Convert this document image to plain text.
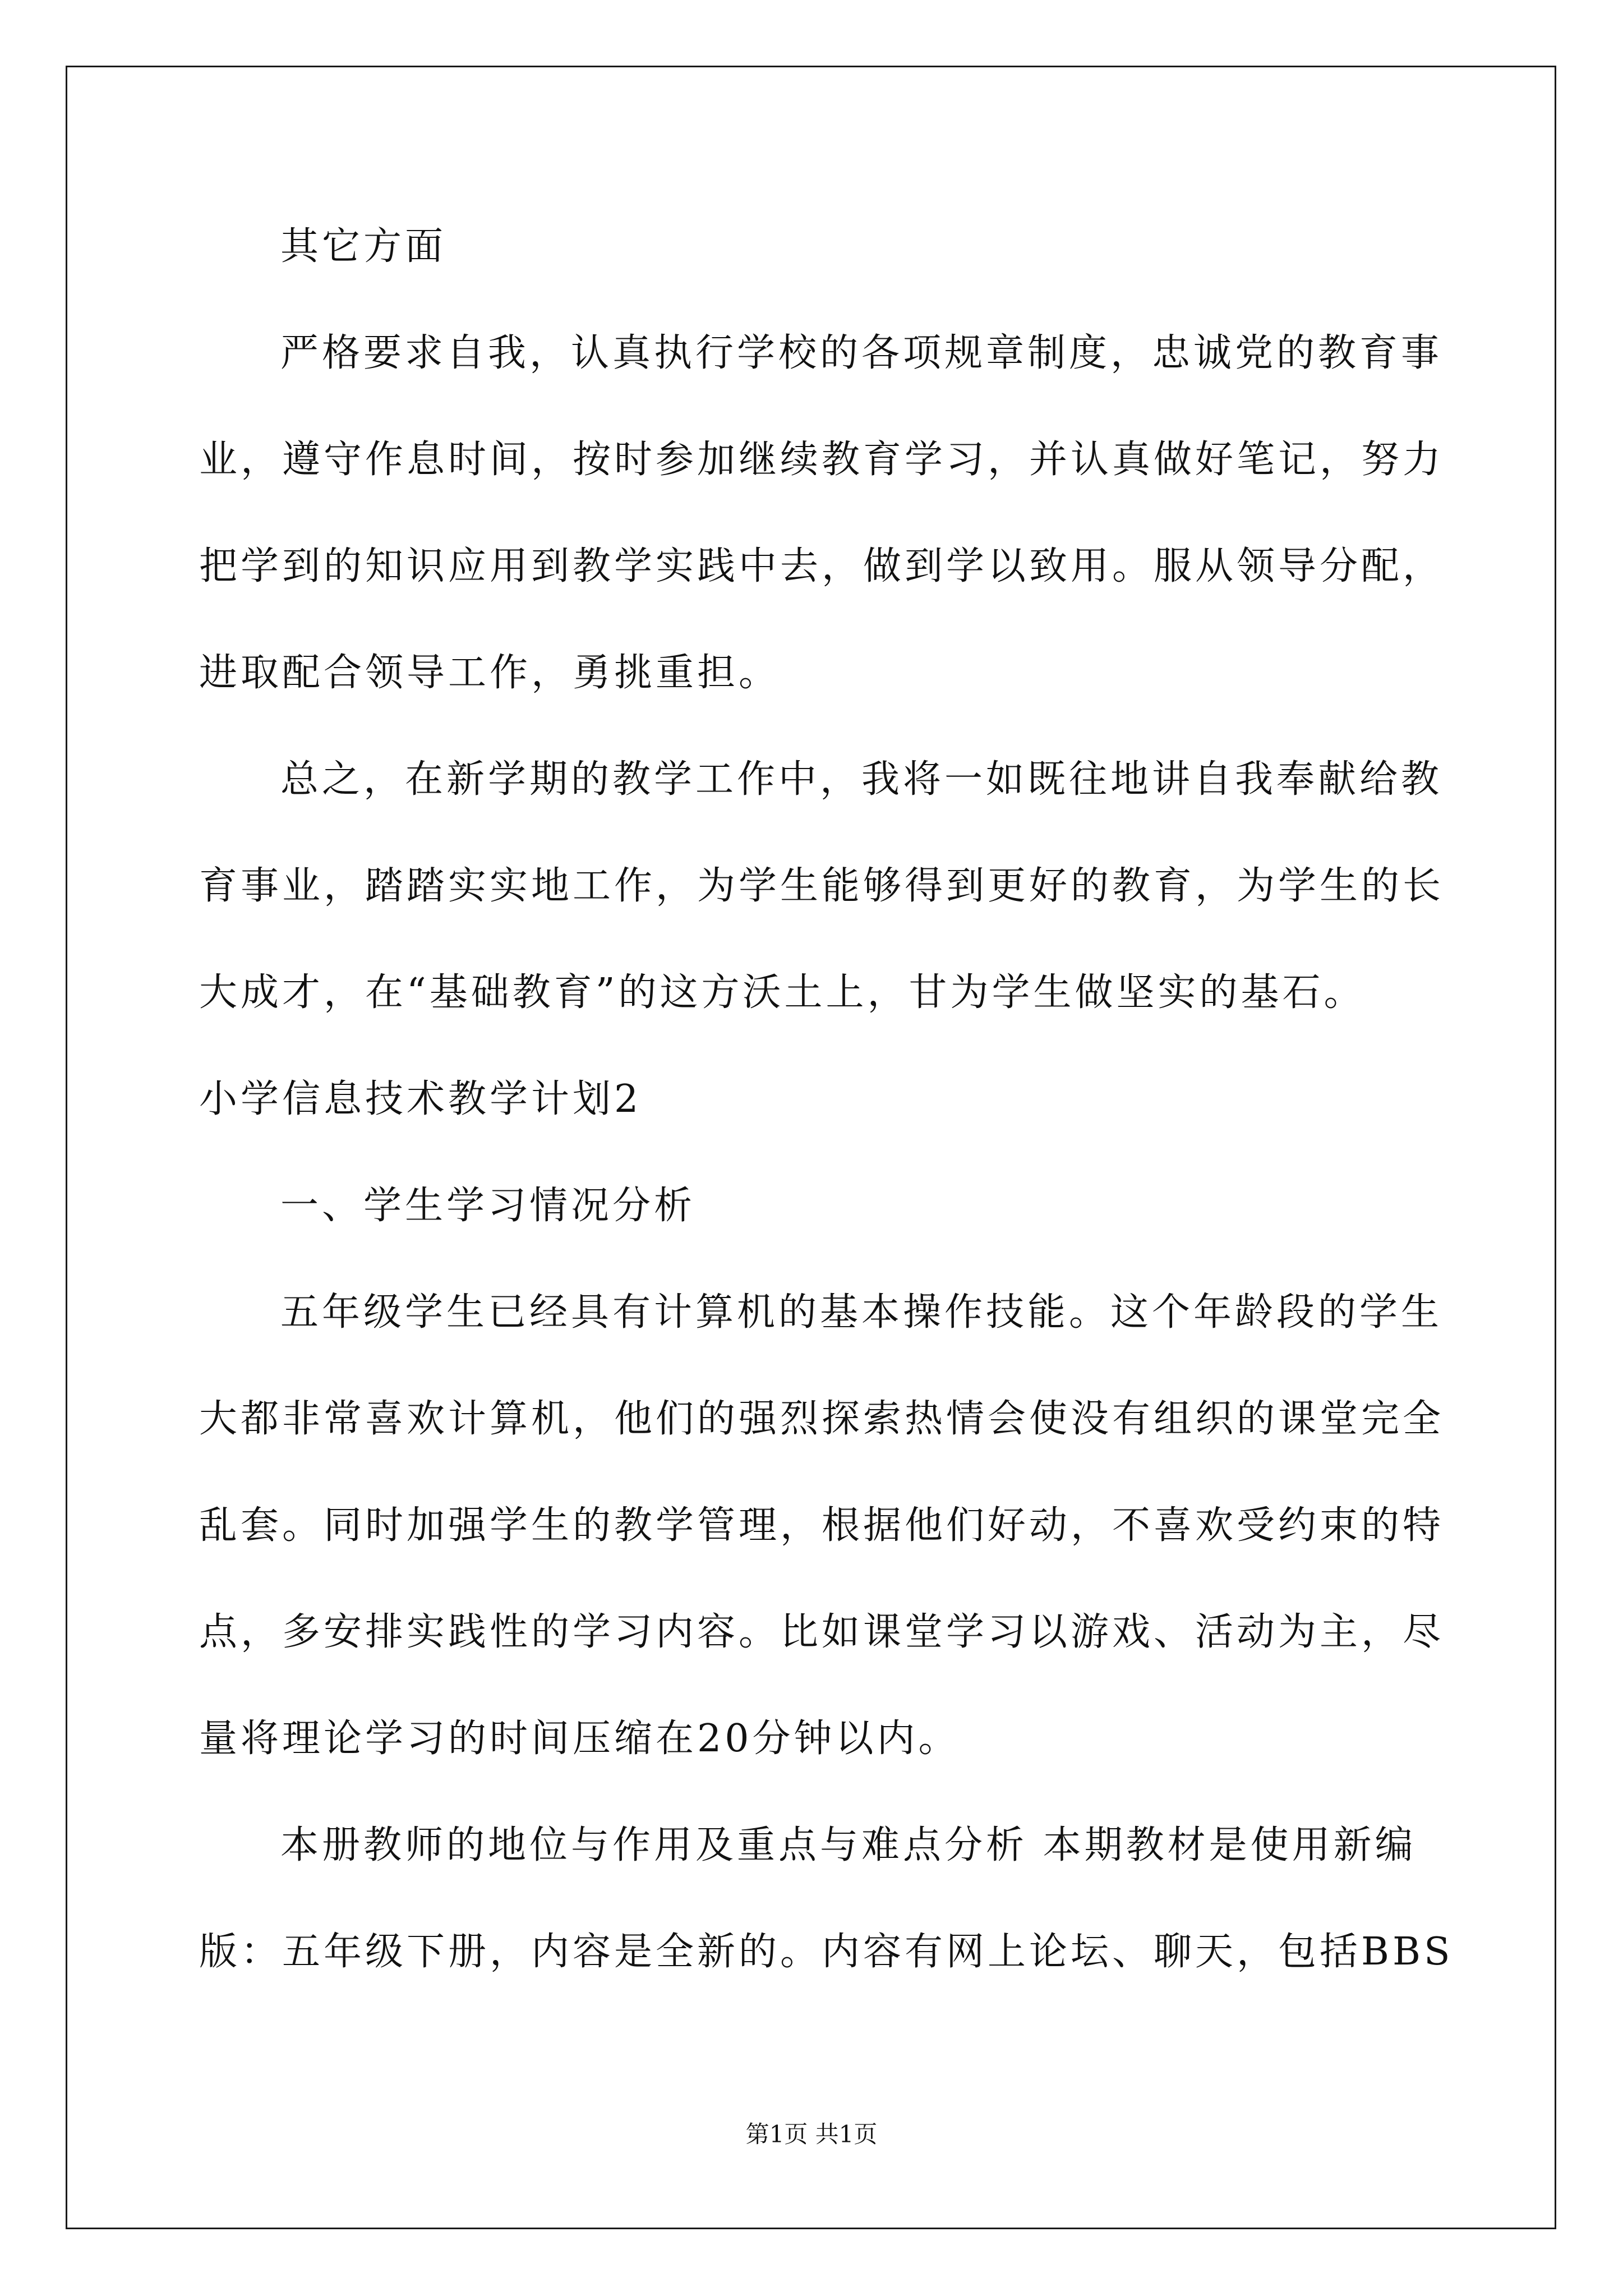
其它方面

严格要求自我，认真执行学校的各项规章制度，忠诚党的教育事

业，遵守作息时间，按时参加继续教育学习，并认真做好笔记，努力

把学到的知识应用到教学实践中去，做到学以致用。服从领导分配，

进取配合领导工作，勇挑重担。

总之，在新学期的教学工作中，我将一如既往地讲自我奉献给教

育事业，踏踏实实地工作，为学生能够得到更好的教育，为学生的长

大成才，在“基础教育”的这方沃土上，甘为学生做坚实的基石。

小学信息技术教学计划2

一、学生学习情况分析

五年级学生已经具有计算机的基本操作技能。这个年龄段的学生

大都非常喜欢计算机，他们的强烈探索热情会使没有组织的课堂完全

乱套。同时加强学生的教学管理，根据他们好动，不喜欢受约束的特

点，多安排实践性的学习内容。比如课堂学习以游戏、活动为主，尽

量将理论学习的时间压缩在20分钟以内。

本册教师的地位与作用及重点与难点分析 本期教材是使用新编

版：五年级下册，内容是全新的。内容有网上论坛、聊天，包括BBS

第1页 共1页
